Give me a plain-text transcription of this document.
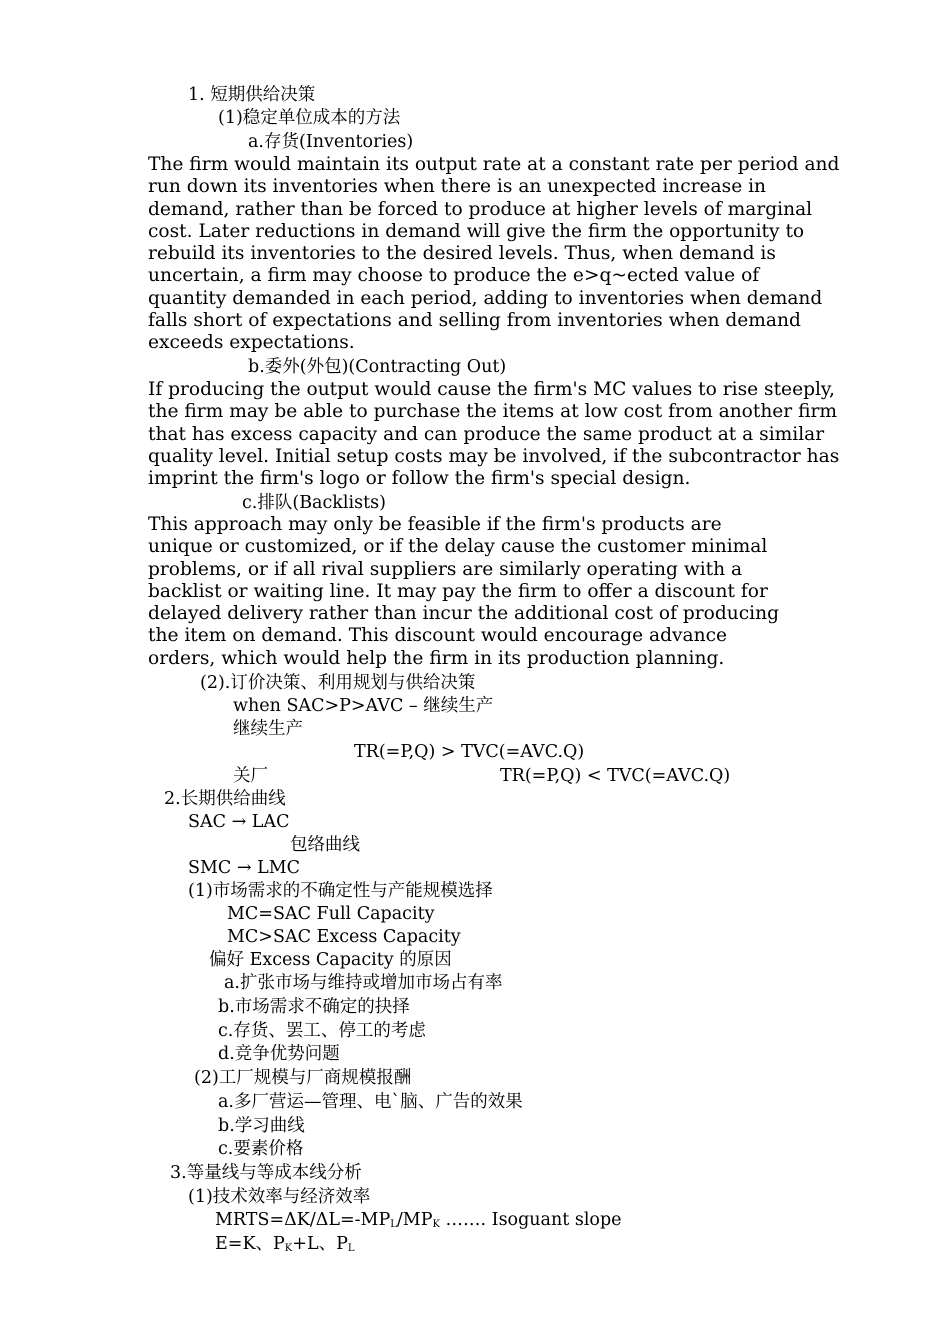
1. 短期供给决策
(1)稳定单位成本的方法
a.存货(Inventories)
The firm would maintain its output rate at a constant rate per period and
run down its inventories when there is an unexpected increase in
demand, rather than be forced to produce at higher levels of marginal
cost. Later reductions in demand will give the firm the opportunity to
rebuild its inventories to the desired levels. Thus, when demand is
uncertain, a firm may choose to produce the e>q~ected value of
quantity demanded in each period, adding to inventories when demand
falls short of expectations and selling from inventories when demand
exceeds expectations.
b.委外(外包)(Contracting Out)
If producing the output would cause the firm's MC values to rise steeply,
the firm may be able to purchase the items at low cost from another firm
that has excess capacity and can produce the same product at a similar
quality level. Initial setup costs may be involved, if the subcontractor has
imprint the firm's logo or follow the firm's special design.
c.排队(Backlists)
This approach may only be feasible if the firm's products are
unique or customized, or if the delay cause the customer minimal
problems, or if all rival suppliers are similarly operating with a
backlist or waiting line. It may pay the firm to offer a discount for
delayed delivery rather than incur the additional cost of producing
the item on demand. This discount would encourage advance
orders, which would help the firm in its production planning.
(2).订价决策、利用规划与供给决策
when SAC>P>AVC – 继续生产
继续生产
TR(=P,Q) > TVC(=AVC.Q)
关厂	TR(=P,Q) < TVC(=AVC.Q)
2.长期供给曲线
SAC → LAC
包络曲线
SMC → LMC
(1)市场需求的不确定性与产能规模选择
MC=SAC Full Capacity
MC>SAC Excess Capacity
偏好 Excess Capacity 的原因
a.扩张市场与维持或增加市场占有率
b.市场需求不确定的抉择
c.存货、罢工、停工的考虑
d.竞争优势问题
(2)工厂规模与厂商规模报酬
a.多厂营运—管理、电`脑、广告的效果
b.学习曲线
c.要素价格
3.等量线与等成本线分析
(1)技术效率与经济效率
$MRTS=\Delta K/\Delta L=-MP_L/MP_K$ ……. Isoguant slope
E=K、$P_K+L$、$P_L$
